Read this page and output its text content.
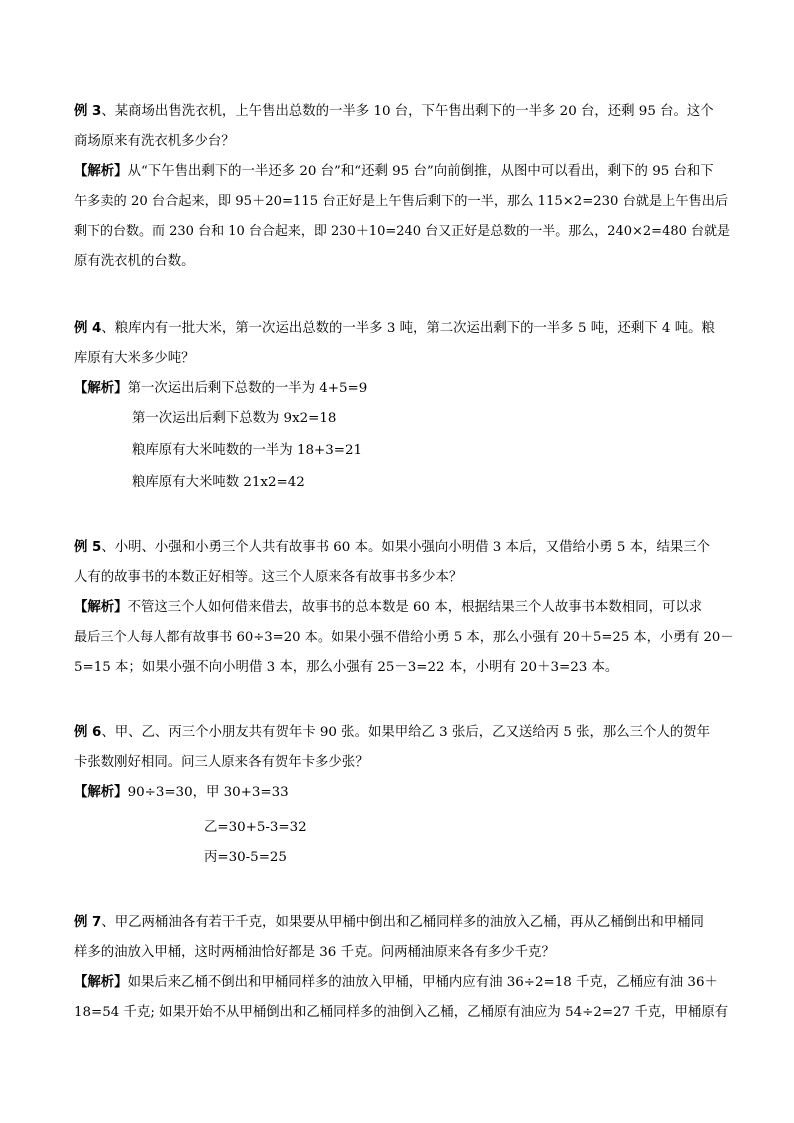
例 3、某商场出售洗衣机，上午售出总数的一半多 10 台，下午售出剩下的一半多 20 台，还剩 95 台。这个
商场原来有洗衣机多少台？
【解析】从“下午售出剩下的一半还多 20 台”和“还剩 95 台”向前倒推，从图中可以看出，剩下的 95 台和下
午多卖的 20 台合起来，即 95＋20=115 台正好是上午售后剩下的一半，那么 115×2=230 台就是上午售出后
剩下的台数。而 230 台和 10 台合起来，即 230＋10=240 台又正好是总数的一半。那么，240×2=480 台就是
原有洗衣机的台数。
例 4、粮库内有一批大米，第一次运出总数的一半多 3 吨，第二次运出剩下的一半多 5 吨，还剩下 4 吨。粮
库原有大米多少吨？
【解析】第一次运出后剩下总数的一半为 4+5=9
第一次运出后剩下总数为 9x2=18
粮库原有大米吨数的一半为 18+3=21
粮库原有大米吨数 21x2=42
例 5、小明、小强和小勇三个人共有故事书 60 本。如果小强向小明借 3 本后，又借给小勇 5 本，结果三个
人有的故事书的本数正好相等。这三个人原来各有故事书多少本？
【解析】不管这三个人如何借来借去，故事书的总本数是 60 本，根据结果三个人故事书本数相同，可以求
最后三个人每人都有故事书 60÷3=20 本。如果小强不借给小勇 5 本，那么小强有 20＋5=25 本，小勇有 20－
5=15 本；如果小强不向小明借 3 本，那么小强有 25－3=22 本，小明有 20＋3=23 本。
例 6、甲、乙、丙三个小朋友共有贺年卡 90 张。如果甲给乙 3 张后，乙又送给丙 5 张，那么三个人的贺年
卡张数刚好相同。问三人原来各有贺年卡多少张？
【解析】90÷3=30，甲 30+3=33
乙=30+5-3=32
丙=30-5=25
例 7、甲乙两桶油各有若干千克，如果要从甲桶中倒出和乙桶同样多的油放入乙桶，再从乙桶倒出和甲桶同
样多的油放入甲桶，这时两桶油恰好都是 36 千克。问两桶油原来各有多少千克？
【解析】如果后来乙桶不倒出和甲桶同样多的油放入甲桶，甲桶内应有油 36÷2=18 千克，乙桶应有油 36＋
18=54 千克; 如果开始不从甲桶倒出和乙桶同样多的油倒入乙桶，乙桶原有油应为 54÷2=27 千克，甲桶原有
